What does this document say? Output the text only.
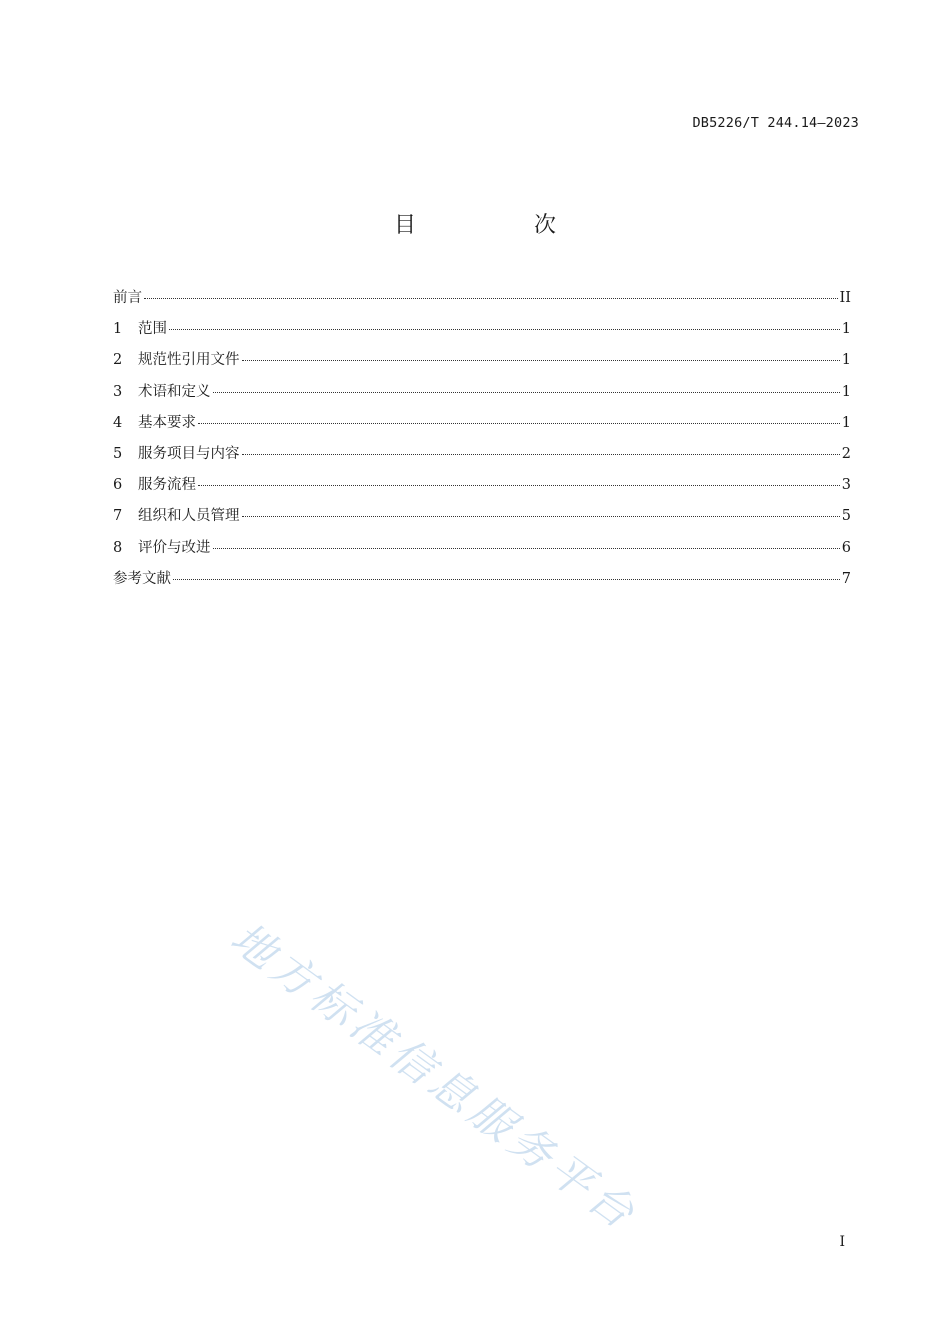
DB5226/T 244.14—2023
目　次
前言	II
1	范围	1
2	规范性引用文件	1
3	术语和定义	1
4	基本要求	1
5	服务项目与内容	2
6	服务流程	3
7	组织和人员管理	5
8	评价与改进	6
参考文献	7
地方标准信息服务平台
I
